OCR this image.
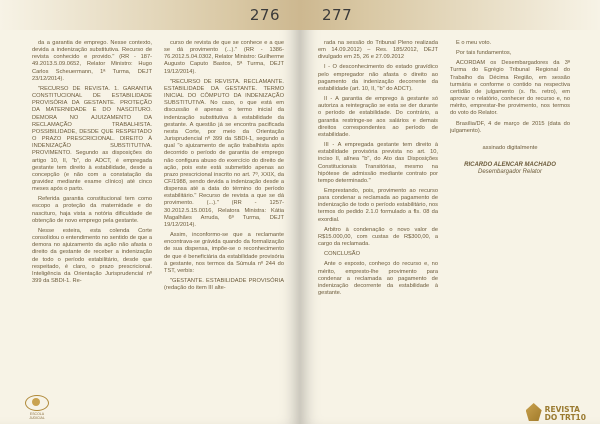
276

da a garantia de emprego. Nesse contexto, devida a indenização substitutiva. Recurso de revista conhecido e provido." (RR - 187-49.2013.5.09.0652, Relator Ministro: Hugo Carlos Scheuermann, 1ª Turma, DEJT 23/12/2014).

"RECURSO DE REVISTA. 1. GARANTIA CONSTITUCIONAL DE ESTABILIDADE PROVISÓRIA DA GESTANTE. PROTEÇÃO DA MATERNIDADE E DO NASCITURO. DEMORA NO AJUIZAMENTO DA RECLAMAÇÃO TRABALHISTA. POSSIBILIDADE, DESDE QUE RESPEITADO O PRAZO PRESCRICIONAL. DIREITO À INDENIZAÇÃO SUBSTITUTIVA. PROVIMENTO. Segundo as disposições do artigo 10, II, "b", do ADCT, é empregada gestante tem direito à estabilidade, desde a concepção (e não com a constatação da gravidez mediante exame clínico) até cinco meses após o parto.

Referida garantia constitucional tem como escopo a proteção da maternidade e do nascituro, haja vista a notória dificuldade de obtenção de novo emprego pela gestante.

Nesse esteira, esta colenda Corte consolidou o entendimento no sentido de que a demora no ajuizamento da ação não afasta o direito da gestante de receber a indenização de todo o período estabilitário, desde que respeitado, é claro, o prazo prescricional. Inteligência da Orientação Jurisprudencial nº 399 da SBDI-1. Re-

curso de revista de que se conhece e a que se dá provimento (...)." (RR - 1386-76.2012.5.04.0302, Relator Ministro: Guilherme Augusto Caputo Bastos, 5ª Turma, DEJT 19/12/2014).

"RECURSO DE REVISTA. RECLAMANTE. ESTABILIDADE DA GESTANTE. TERMO INICIAL DO CÔMPUTO DA INDENIZAÇÃO SUBSTITUTIVA. No caso, o que está em discussão é apenas o termo inicial da indenização substitutiva à estabilidade da gestante. A questão já se encontra pacificada nesta Corte, por meio da Orientação Jurisprudencial nº 399 da SBDI-1, segundo a qual "o ajuizamento de ação trabalhista após decorrido o período de garantia de emprego não configura abuso do exercício do direito de ação, pois este está submetido apenas ao prazo prescricional inscrito no art. 7º, XXIX, da CF/1988, sendo devida a indenização desde a dispensa até a data do término do período estabilitário." Recurso de revista a que se dá provimento. (...)." (RR - 1257-30.2012.5.15.0016, Relatora Ministra: Kátia Magalhães Arruda, 6ª Turma, DEJT 19/12/2014).

Assim, inconformo-se que a reclamante encontrava-se grávida quando da formalização de sua dispensa, impõe-se o reconhecimento de que é beneficiária da estabilidade provisória à gestante, nos termos da Súmula nº 244 do TST, verbis:

"GESTANTE. ESTABILIDADE PROVISÓRIA (redação do item III alte-

ESCOLA JUDICIAL
277

rada na sessão do Tribunal Pleno realizada em 14.09.2012) – Res. 185/2012, DEJT divulgado em 25, 26 e 27.09.2012

I - O desconhecimento do estado gravídico pelo empregador não afasta o direito ao pagamento da indenização decorrente da estabilidade (art. 10, II, "b" do ADCT).

II - A garantia de emprego à gestante só autoriza a reintegração se esta se der durante o período de estabilidade. Do contrário, a garantia restringe-se aos salários e demais direitos correspondentes ao período de estabilidade.

III - A empregada gestante tem direito à estabilidade provisória prevista no art. 10, inciso II, alínea "b", do Ato das Disposições Constitucionais Transitórias, mesmo na hipótese de admissão mediante contrato por tempo determinado."

Emprestando, pois, provimento ao recurso para condenar a reclamada ao pagamento de indenização de todo o período estabilitário, nos termos do pedido 2.1.0 formulado a fls. 08 da exordial.

Arbitro à condenação o novo valor de R$15.000,00, com custas de R$300,00, a cargo da reclamada.

CONCLUSÃO

Ante o exposto, conheço do recurso e, no mérito, empresto-lhe provimento para condenar a reclamada ao pagamento de indenização decorrente da estabilidade à gestante.

É o meu voto.

Por tais fundamentos,

ACORDAM os Desembargadores da 3ª Turma do Egrégio Tribunal Regional do Trabalho da Décima Região, em sessão turmária e conforme o contido na respectiva certidão de julgamento (s. fls. retro), em aprovar o relatório, conhecer do recurso e, no mérito, emprestar-lhe provimento, nos termos do voto do Relator.

Brasília/DF, 4 de março de 2015 (data do julgamento).

assinado digitalmente
RICARDO ALENCAR MACHADO
Desembargador Relator
REVISTA
DO TRT10
